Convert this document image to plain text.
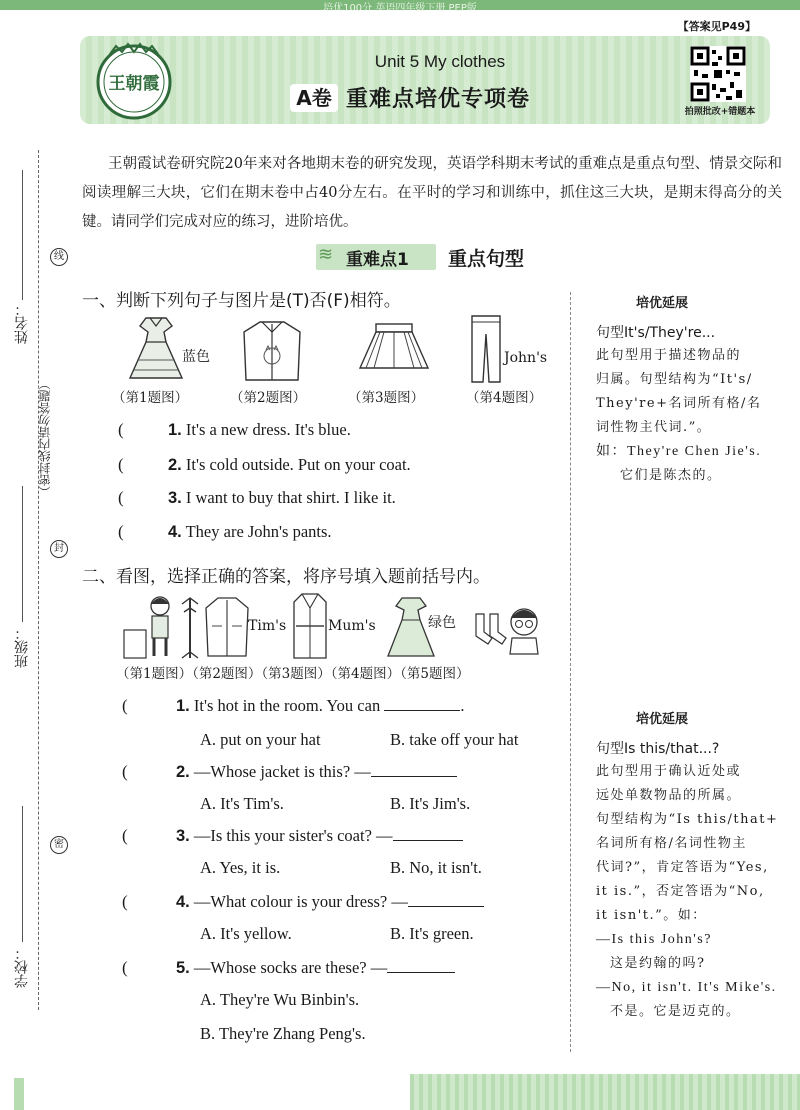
培优100分 英语四年级下册 PEP版
【答案见P49】
王朝霞
Unit 5 My clothes
A卷 重难点培优专项卷	拍照批改+错题本
姓名：
线
（密封线内请勿答题）
封
班级：
密
学校：
王朝霞试卷研究院20年来对各地期末卷的研究发现，英语学科期末考试的重难点是重点句型、情景交际和阅读理解三大块，它们在期末卷中占40分左右。在平时的学习和训练中，抓住这三大块，是期末得高分的关键。请同学们完成对应的练习，进阶培优。
≋ 重难点1 重点句型
一、判断下列句子与图片是(T)否(F)相符。
蓝色	John's
（第1题图）	（第2题图）	（第3题图）	（第4题图）
(	1. It's a new dress. It's blue.
(	2. It's cold outside. Put on your coat.
(	3. I want to buy that shirt. I like it.
(	4. They are John's pants.
二、看图，选择正确的答案，将序号填入题前括号内。
Tim's	Mum's	绿色
（第1题图）（第2题图）（第3题图）（第4题图）（第5题图）
(	1. It's hot in the room. You can	.
A. put on your hat	B. take off your hat
(	2. —Whose jacket is this? —
A. It's Tim's.	B. It's Jim's.
(	3. —Is this your sister's coat? —
A. Yes, it is.	B. No, it isn't.
(	4. —What colour is your dress? —
A. It's yellow.	B. It's green.
(	5. —Whose socks are these? —
A. They're Wu Binbin's.
B. They're Zhang Peng's.
培优延展
句型It's/They're...
此句型用于描述物品的
归属。句型结构为“It's/
They're+名词所有格/名
词性物主代词.”。
如：They're Chen Jie's.
它们是陈杰的。
培优延展
句型Is this/that...?
此句型用于确认近处或
远处单数物品的所属。
句型结构为“Is this/that+
名词所有格/名词性物主
代词?”，肯定答语为“Yes,
it is.”，否定答语为“No,
it isn't.”。如：
—Is this John's?
这是约翰的吗?
—No, it isn't. It's Mike's.
不是。它是迈克的。
